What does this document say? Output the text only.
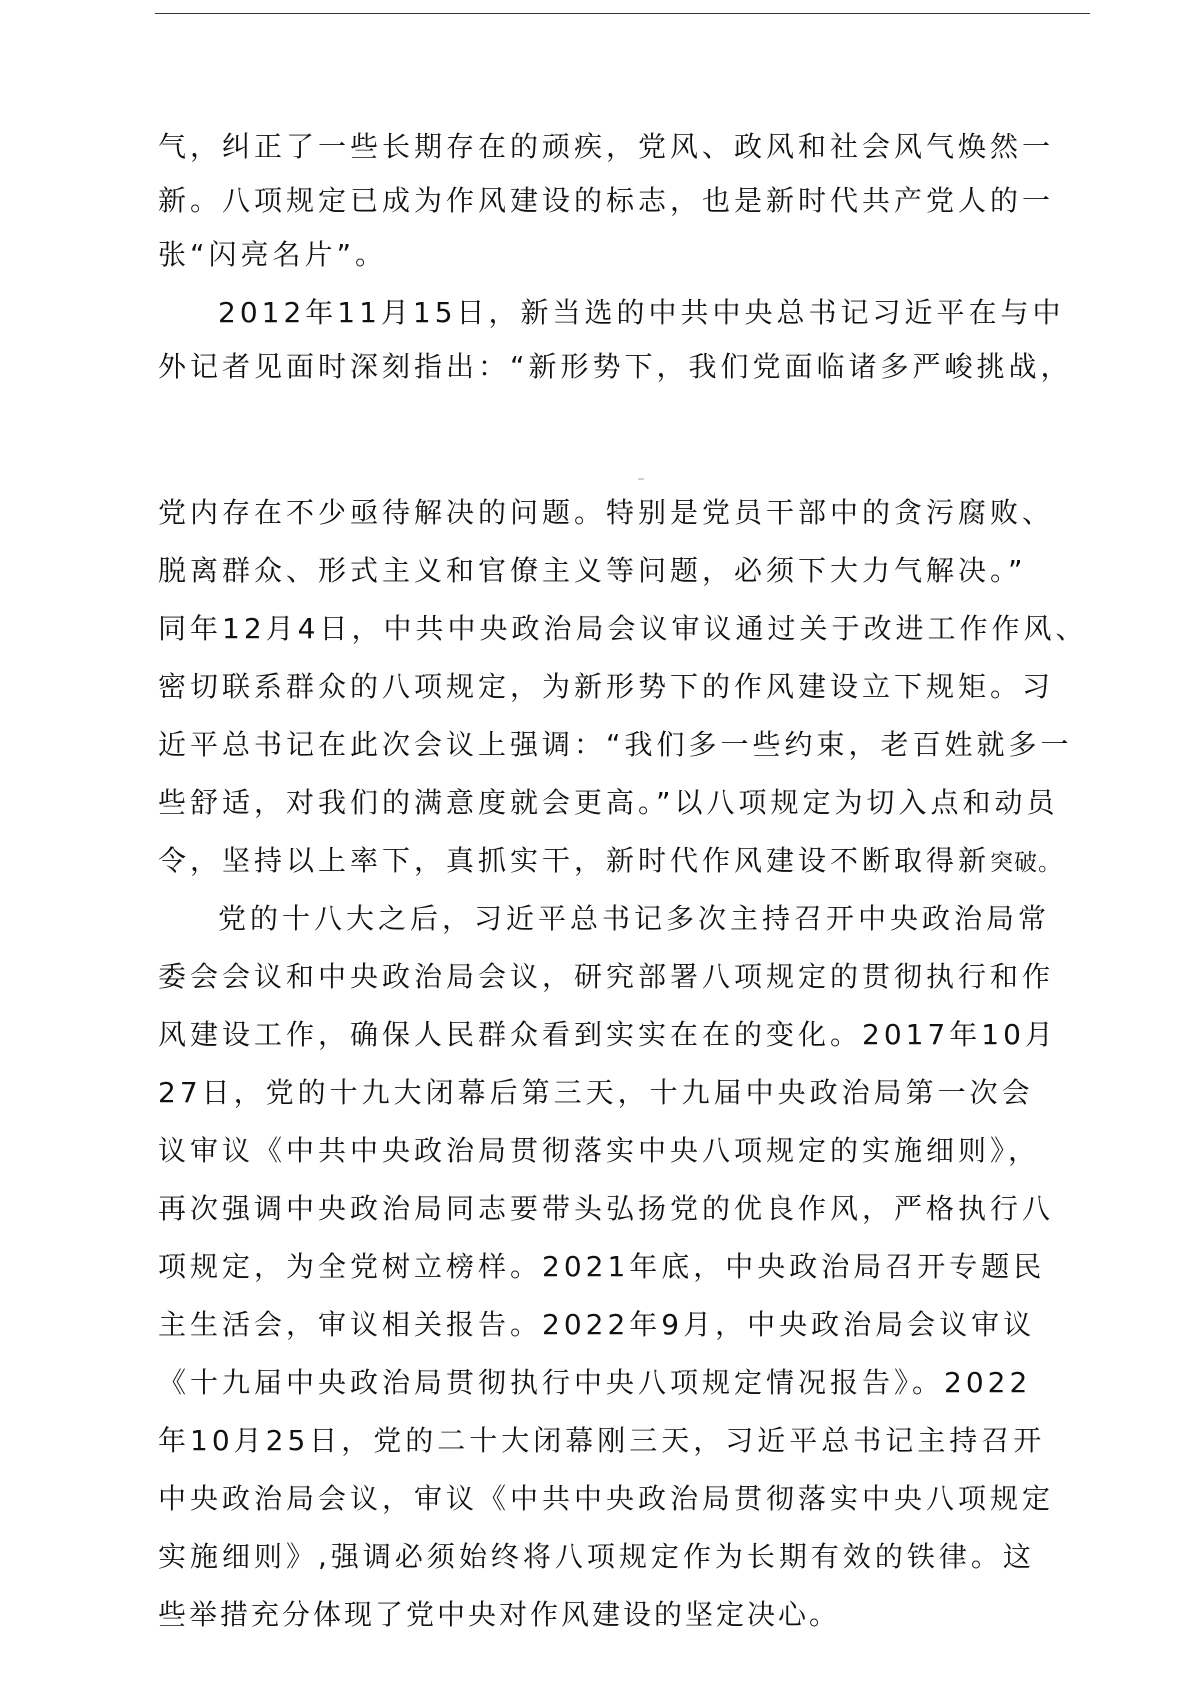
气，纠正了一些长期存在的顽疾，党风、政风和社会风气焕然一

新。八项规定已成为作风建设的标志，也是新时代共产党人的一

张“闪亮名片”。

2012年11月15日，新当选的中共中央总书记习近平在与中

外记者见面时深刻指出：“新形势下，我们党面临诸多严峻挑战，

党内存在不少亟待解决的问题。特别是党员干部中的贪污腐败、

脱离群众、形式主义和官僚主义等问题，必须下大力气解决。”

同年12月4日，中共中央政治局会议审议通过关于改进工作作风、

密切联系群众的八项规定，为新形势下的作风建设立下规矩。习

近平总书记在此次会议上强调：“我们多一些约束，老百姓就多一

些舒适，对我们的满意度就会更高。”以八项规定为切入点和动员

令，坚持以上率下，真抓实干，新时代作风建设不断取得新突破。

党的十八大之后，习近平总书记多次主持召开中央政治局常

委会会议和中央政治局会议，研究部署八项规定的贯彻执行和作

风建设工作，确保人民群众看到实实在在的变化。2017年10月

27日，党的十九大闭幕后第三天，十九届中央政治局第一次会

议审议《中共中央政治局贯彻落实中央八项规定的实施细则》，

再次强调中央政治局同志要带头弘扬党的优良作风，严格执行八

项规定，为全党树立榜样。2021年底，中央政治局召开专题民

主生活会，审议相关报告。2022年9月，中央政治局会议审议

《十九届中央政治局贯彻执行中央八项规定情况报告》。2022

年10月25日，党的二十大闭幕刚三天，习近平总书记主持召开

中央政治局会议，审议《中共中央政治局贯彻落实中央八项规定

实施细则》,强调必须始终将八项规定作为长期有效的铁律。这

些举措充分体现了党中央对作风建设的坚定决心。
